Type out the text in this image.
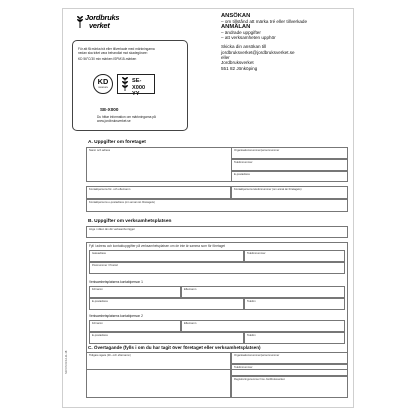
Jordbruks
verket
ANSÖKAN
– om tillstånd att märka tré eller tillverkade
ANMÄLAN
– ändrade uppgifter
– att verksamheten upphör
Skicka din ansökan till
jordbruksverket@jordbruksverket.se
eller
Jordbruksverket
551 82 Jönköping
För att få märka trä eller tillverkade med märkningarna
nedan ska träet vara behandlat mot skadegörare:
KD 56°C/30 min märken ISPM15-märken
KD
SWEDEN
SE-X000
YY
SE-X000
Du hittar information om märkningarna på
www.jordbruksverket.se
A. Uppgifter om företaget
Namn och adress	Organisationsnummer/personnummer
Telefonnummer
E-postadress
Kontaktpersons för- och efternamn	Kontaktpersons telefonnummer (om annat än företagets)
Kontaktpersons e-postadress (om annan än företagets)
B. Uppgifter om verksamhetsplatsen
Ange i vilken län din verksamhet ligger
Fyll i adress och kontaktuppgifter på verksamhetsplatsen om de inte är samma som för företaget
Gatuadress	Telefonnummer
Postnummer / Postort
Verksamhetsplatsens kontaktperson 1
Förnamn	Efternamn
E-postadress	Telefon
Verksamhetsplatsens kontaktperson 2
Förnamn	Efternamn
E-postadress	Telefon
C. Övertagande (fylls i om du har tagit över företaget eller verksamhetsplatsen)
Tidigare ägare (för- och efternamn)	Organisationsnummer/personnummer
Telefonnummer
Registreringsnummer hos Jordbruksverket
SJV FS 03 12-11-18
